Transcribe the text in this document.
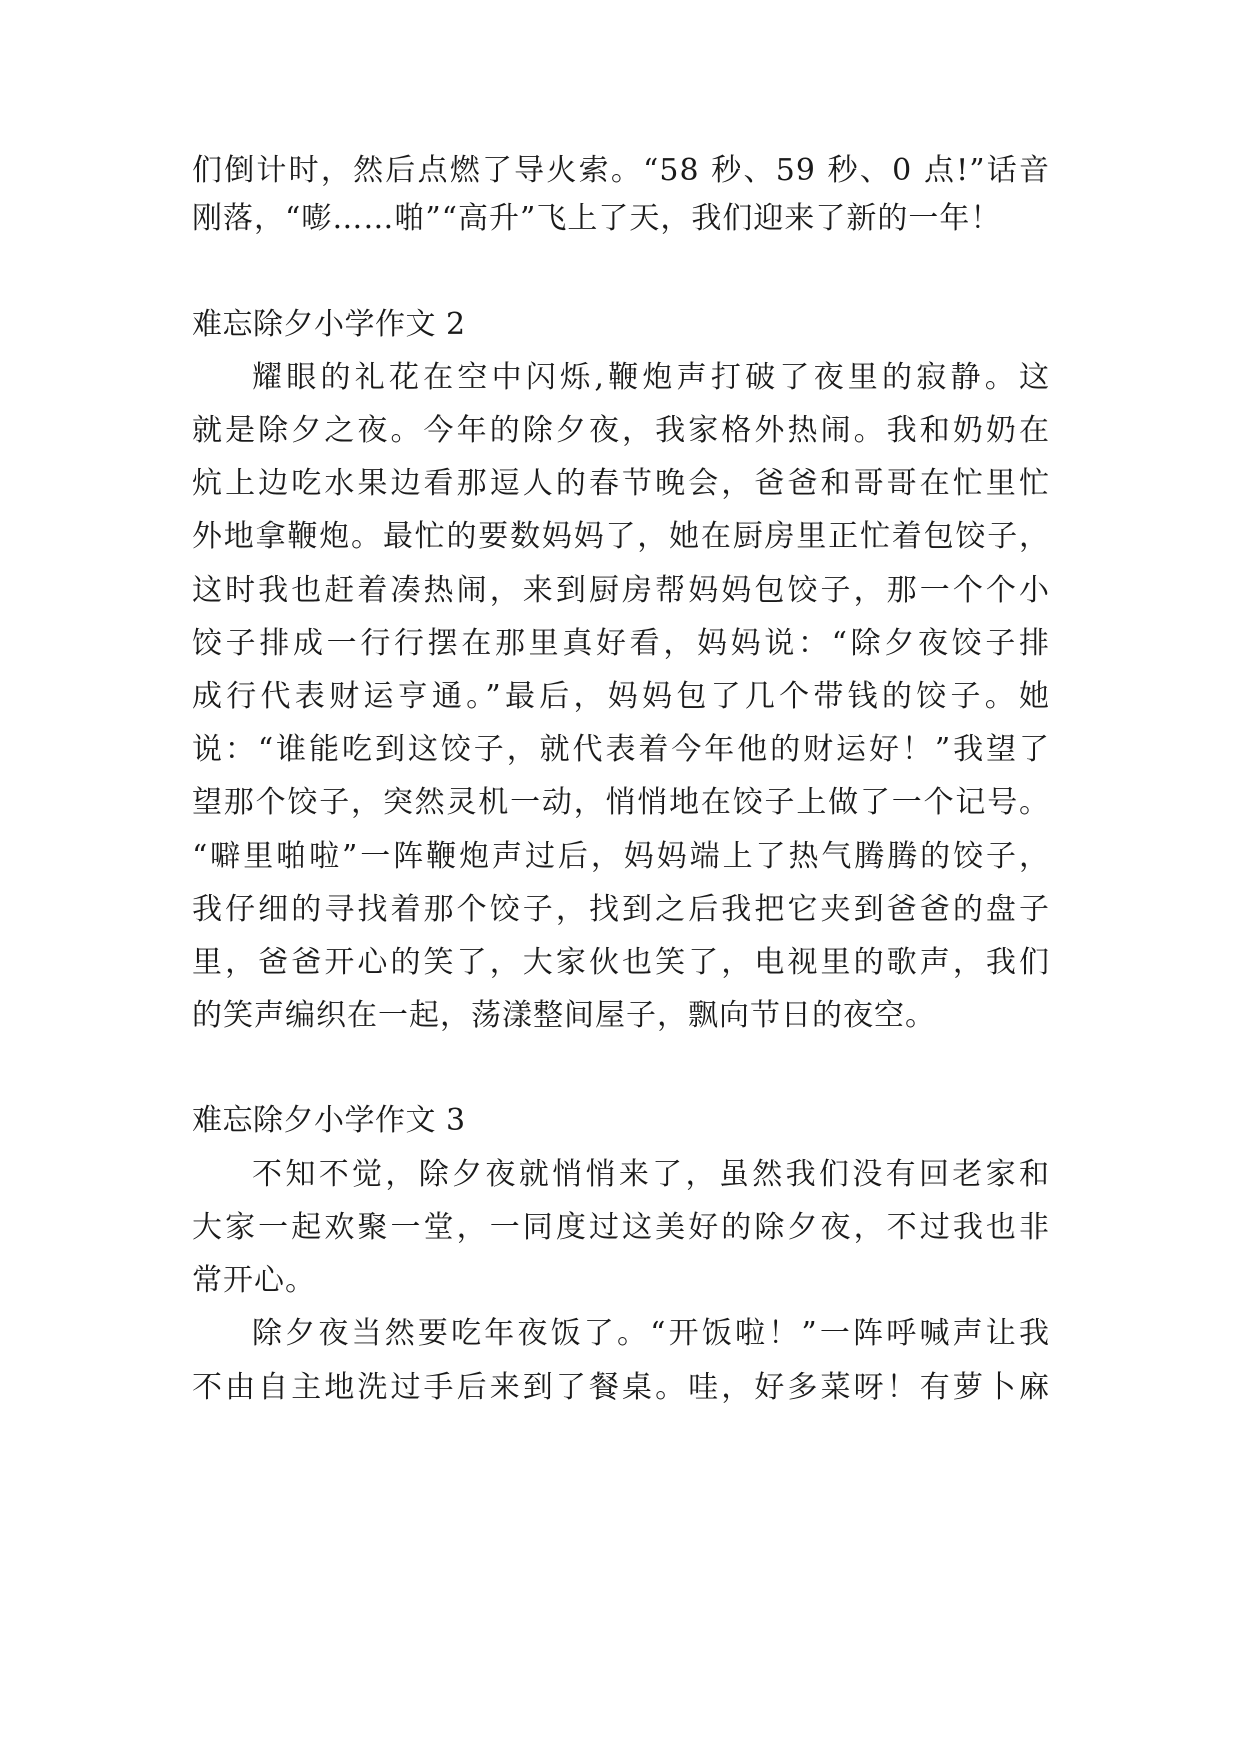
们倒计时，然后点燃了导火索。“58 秒、59 秒、0 点!”话音

刚落，“嘭……啪”“高升”飞上了天，我们迎来了新的一年！

难忘除夕小学作文 2

耀眼的礼花在空中闪烁,鞭炮声打破了夜里的寂静。这

就是除夕之夜。今年的除夕夜，我家格外热闹。我和奶奶在

炕上边吃水果边看那逗人的春节晚会，爸爸和哥哥在忙里忙

外地拿鞭炮。最忙的要数妈妈了，她在厨房里正忙着包饺子，

这时我也赶着凑热闹，来到厨房帮妈妈包饺子，那一个个小

饺子排成一行行摆在那里真好看，妈妈说：“除夕夜饺子排

成行代表财运亨通。”最后，妈妈包了几个带钱的饺子。她

说：“谁能吃到这饺子，就代表着今年他的财运好！”我望了

望那个饺子，突然灵机一动，悄悄地在饺子上做了一个记号。

“噼里啪啦”一阵鞭炮声过后，妈妈端上了热气腾腾的饺子，

我仔细的寻找着那个饺子，找到之后我把它夹到爸爸的盘子

里，爸爸开心的笑了，大家伙也笑了，电视里的歌声，我们

的笑声编织在一起，荡漾整间屋子，飘向节日的夜空。

难忘除夕小学作文 3

不知不觉，除夕夜就悄悄来了，虽然我们没有回老家和

大家一起欢聚一堂，一同度过这美好的除夕夜，不过我也非

常开心。

除夕夜当然要吃年夜饭了。“开饭啦！”一阵呼喊声让我

不由自主地洗过手后来到了餐桌。哇，好多菜呀！有萝卜麻
